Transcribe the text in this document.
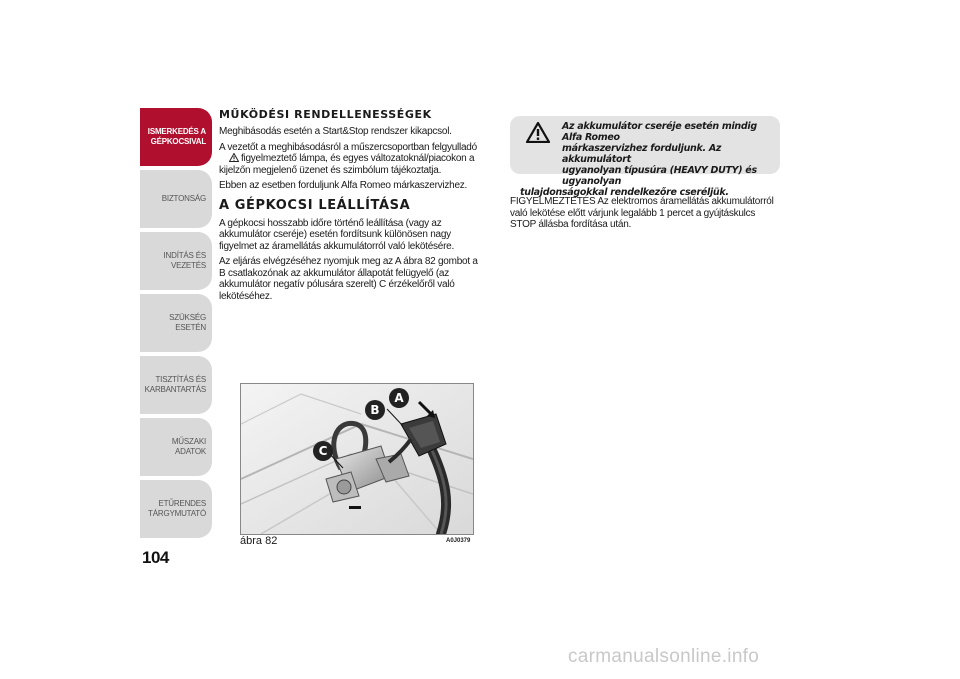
ISMERKEDÉS A
GÉPKOCSIVAL
BIZTONSÁG
INDÍTÁS ÉS VEZETÉS
SZÜKSÉG ESETÉN
TISZTÍTÁS ÉS
KARBANTARTÁS
MŰSZAKI ADATOK
ETŰRENDES
TÁRGYMUTATÓ
104
MŰKÖDÉSI RENDELLENESSÉGEK

Meghibásodás esetén a Start&Stop rendszer kikapcsol.

A vezetőt a meghibásodásról a műszercsoportban felgyulladó
figyelmeztető lámpa, és egyes változatoknál/piacokon a kijelzőn megjelenő üzenet és szimbólum tájékoztatja.

Ebben az esetben forduljunk Alfa Romeo márkaszervizhez.

A GÉPKOCSI LEÁLLÍTÁSA

A gépkocsi hosszabb időre történő leállítása (vagy az akkumulátor cseréje) esetén fordítsunk különösen nagy figyelmet az áramellátás akkumulátorról való lekötésére.

Az eljárás elvégzéséhez nyomjuk meg az A ábra 82 gombot a B csatlakozónak az akkumulátor állapotát felügyelő (az akkumulátor negatív pólusára szerelt) C érzékelőről való lekötéséhez.

A
B
C
ábra 82	A0J0379
Az akkumulátor cseréje esetén mindig Alfa Romeo
márkaszervizhez forduljunk. Az akkumulátort
ugyanolyan típusúra (HEAVY DUTY) és ugyanolyan
tulajdonságokkal rendelkezőre cseréljük.
FIGYELMEZTETÉS Az elektromos áramellátás akkumulátorról való lekötése előtt várjunk legalább 1 percet a gyújtáskulcs STOP állásba fordítása után.
carmanualsonline.info
